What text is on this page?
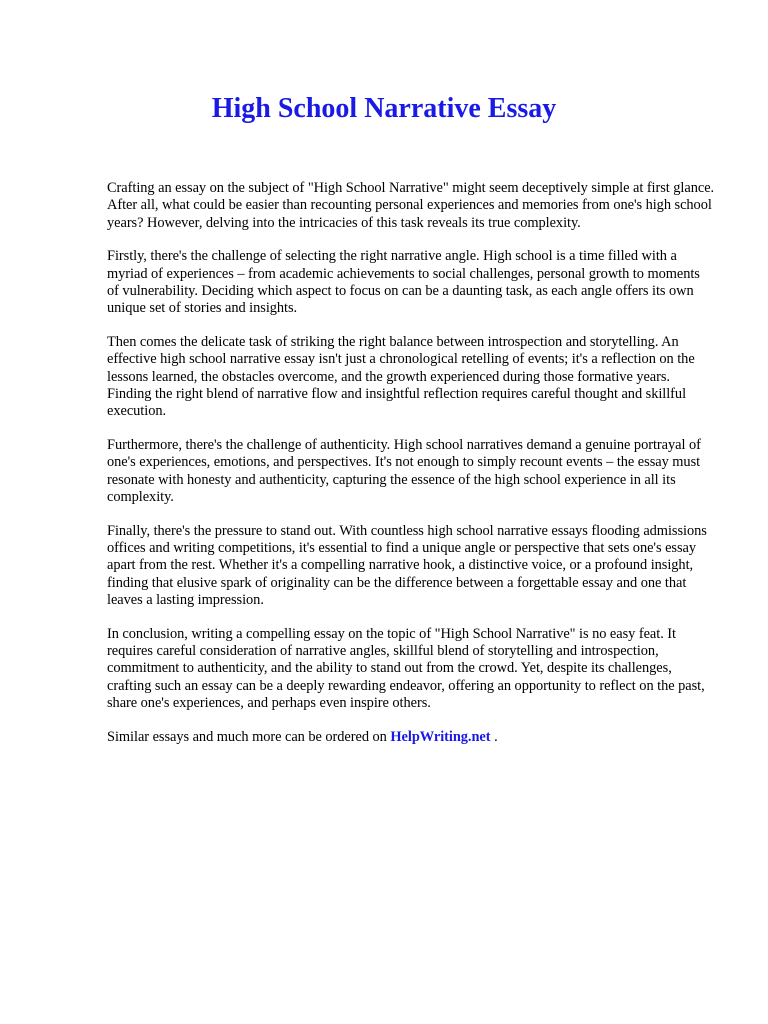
High School Narrative Essay

Crafting an essay on the subject of "High School Narrative" might seem deceptively simple at first glance. After all, what could be easier than recounting personal experiences and memories from one's high school years? However, delving into the intricacies of this task reveals its true complexity.

Firstly, there's the challenge of selecting the right narrative angle. High school is a time filled with a myriad of experiences – from academic achievements to social challenges, personal growth to moments of vulnerability. Deciding which aspect to focus on can be a daunting task, as each angle offers its own unique set of stories and insights.

Then comes the delicate task of striking the right balance between introspection and storytelling. An effective high school narrative essay isn't just a chronological retelling of events; it's a reflection on the lessons learned, the obstacles overcome, and the growth experienced during those formative years. Finding the right blend of narrative flow and insightful reflection requires careful thought and skillful execution.

Furthermore, there's the challenge of authenticity. High school narratives demand a genuine portrayal of one's experiences, emotions, and perspectives. It's not enough to simply recount events – the essay must resonate with honesty and authenticity, capturing the essence of the high school experience in all its complexity.

Finally, there's the pressure to stand out. With countless high school narrative essays flooding admissions offices and writing competitions, it's essential to find a unique angle or perspective that sets one's essay apart from the rest. Whether it's a compelling narrative hook, a distinctive voice, or a profound insight, finding that elusive spark of originality can be the difference between a forgettable essay and one that leaves a lasting impression.

In conclusion, writing a compelling essay on the topic of "High School Narrative" is no easy feat. It requires careful consideration of narrative angles, skillful blend of storytelling and introspection, commitment to authenticity, and the ability to stand out from the crowd. Yet, despite its challenges, crafting such an essay can be a deeply rewarding endeavor, offering an opportunity to reflect on the past, share one's experiences, and perhaps even inspire others.

Similar essays and much more can be ordered on HelpWriting.net .
